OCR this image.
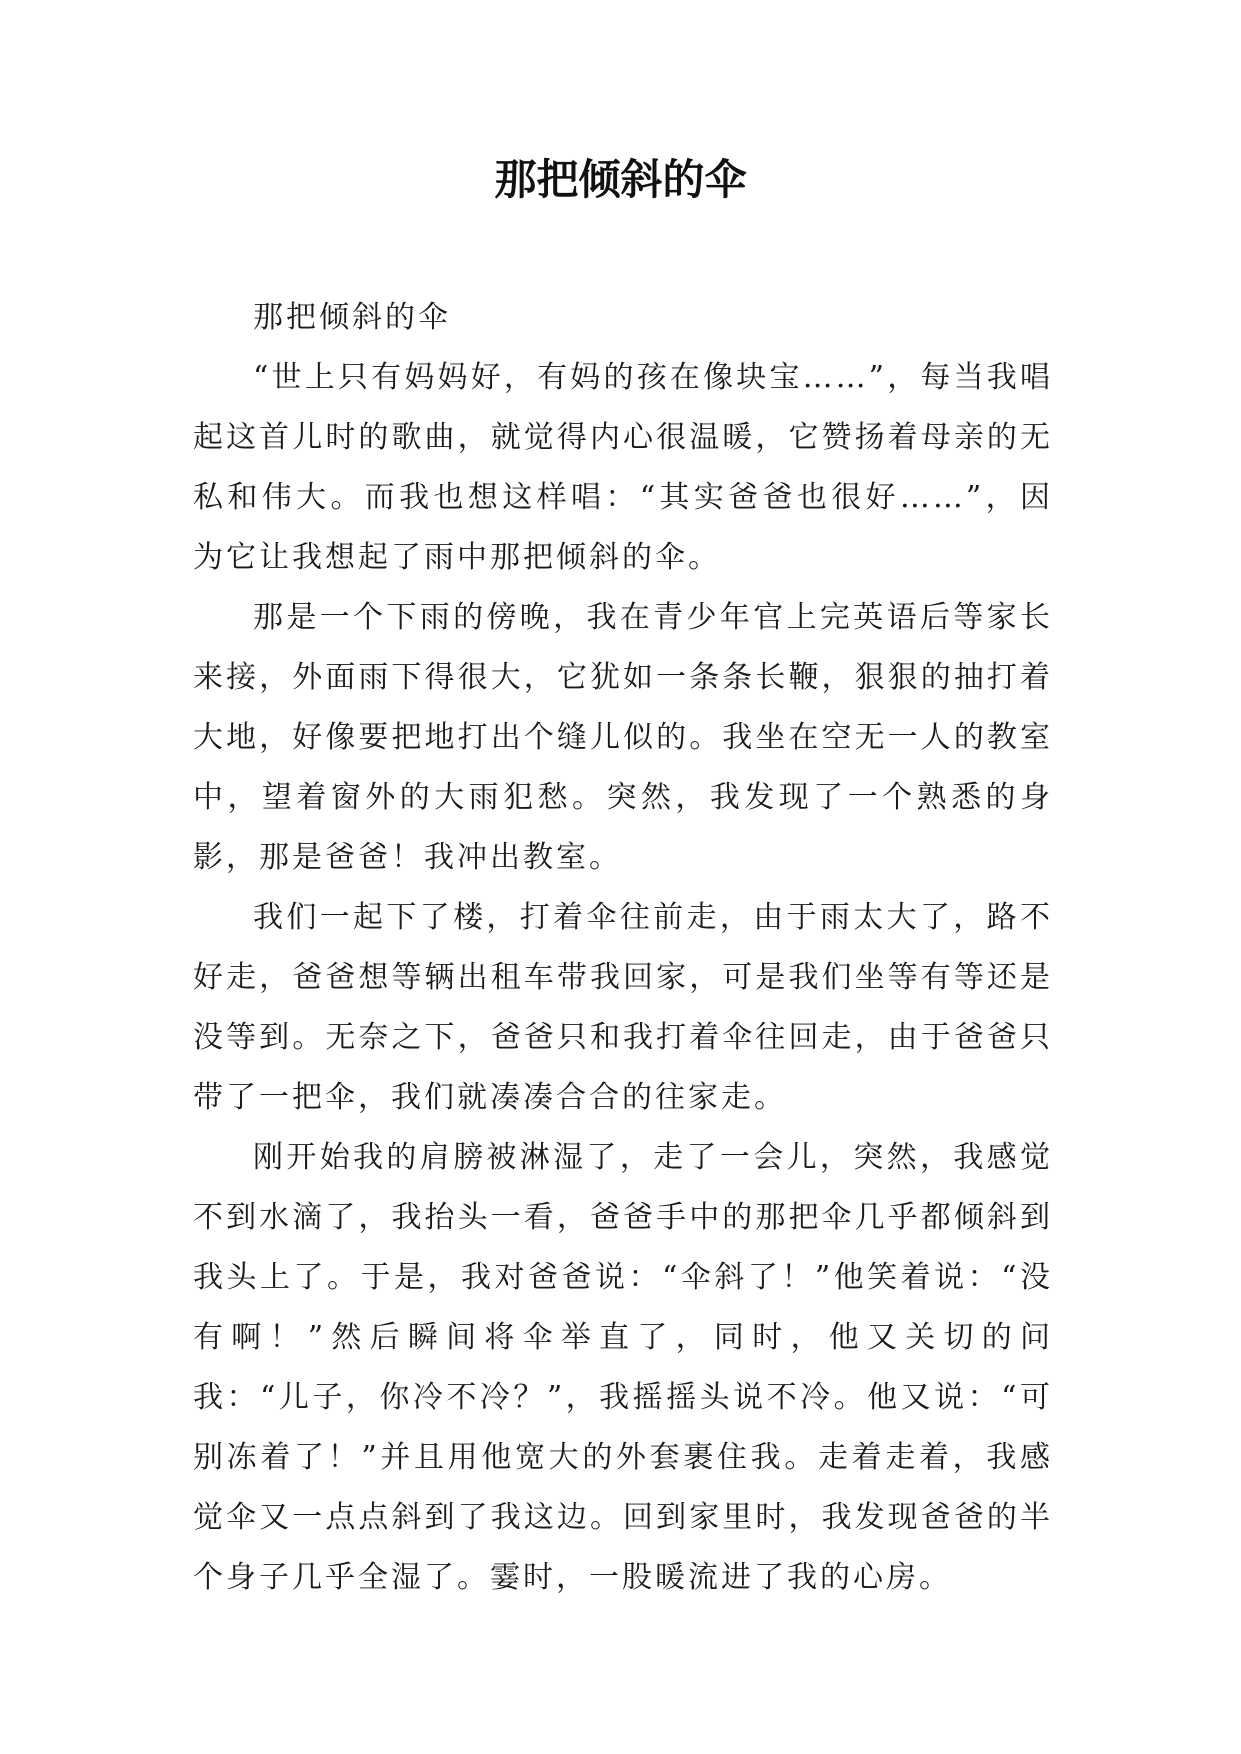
那把倾斜的伞

那把倾斜的伞

“世上只有妈妈好，有妈的孩在像块宝……”，每当我唱起这首儿时的歌曲，就觉得内心很温暖，它赞扬着母亲的无私和伟大。而我也想这样唱：“其实爸爸也很好……”，因为它让我想起了雨中那把倾斜的伞。

那是一个下雨的傍晚，我在青少年官上完英语后等家长来接，外面雨下得很大，它犹如一条条长鞭，狠狠的抽打着大地，好像要把地打出个缝儿似的。我坐在空无一人的教室中，望着窗外的大雨犯愁。突然，我发现了一个熟悉的身影，那是爸爸！我冲出教室。

我们一起下了楼，打着伞往前走，由于雨太大了，路不好走，爸爸想等辆出租车带我回家，可是我们坐等有等还是没等到。无奈之下，爸爸只和我打着伞往回走，由于爸爸只带了一把伞，我们就凑凑合合的往家走。

刚开始我的肩膀被淋湿了，走了一会儿，突然，我感觉不到水滴了，我抬头一看，爸爸手中的那把伞几乎都倾斜到我头上了。于是，我对爸爸说：“伞斜了！”他笑着说：“没有啊！”然后瞬间将伞举直了，同时，他又关切的问我：“儿子，你冷不冷？”，我摇摇头说不冷。他又说：“可别冻着了！”并且用他宽大的外套裹住我。走着走着，我感觉伞又一点点斜到了我这边。回到家里时，我发现爸爸的半个身子几乎全湿了。霎时，一股暖流进了我的心房。
